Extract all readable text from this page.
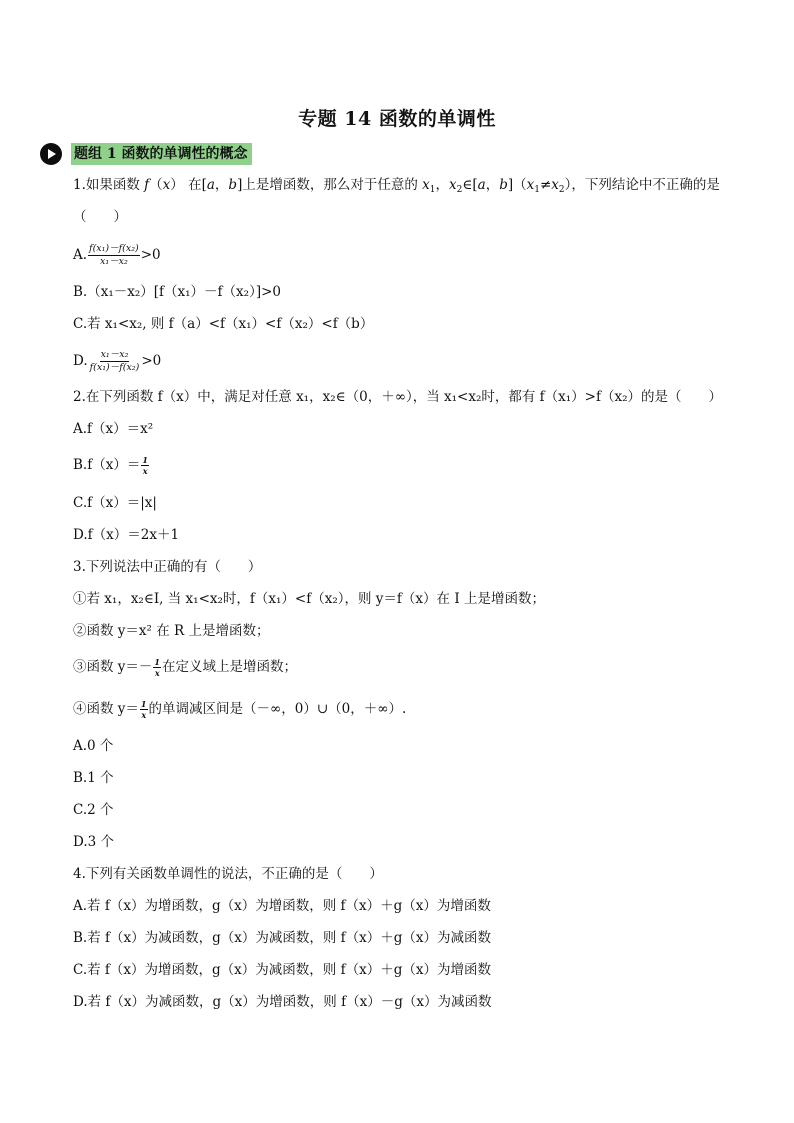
专题 14 函数的单调性
题组 1 函数的单调性的概念
1.如果函数 f（x） 在[a，b]上是增函数，那么对于任意的 $x_1$，$x_2\in[a$，$b](x_1\ne x_2)$，下列结论中不正确的是
（　　）
A. $\frac{\text{f(x₁)－f(x₂)}}{\text{x₁－x₂}} >0$
B.（x₁－x₂）[f（x₁）－f（x₂）]>0
C.若 x₁<x₂, 则 f（a）<f（x₁）<f（x₂）<f（b）
D. $\frac{\text{x₁－x₂}}{\text{f(x₁)－f(x₂)}} >0$
2.在下列函数 f（x）中，满足对任意 x₁，x₂∈（0，＋∞），当 x₁<x₂时，都有 f（x₁）>f（x₂）的是（　　）
A.f（x）＝x²
$B.f(x)= \frac{1}{x}$
C.f（x）＝|x|
D.f（x）＝2x＋1
3.下列说法中正确的有（　　）
①若 x₁，x₂∈I, 当 x₁<x₂时，f（x₁）<f（x₂），则 y＝f（x）在 I 上是增函数；
②函数 y＝x² 在 R 上是增函数；
③函数 $y=- \frac{1}{x}$ 在定义域上是增函数；
④函数 $y= \frac{1}{x}$ 的单调减区间是（－∞，0）∪（0，＋∞）.
A.0 个
B.1 个
C.2 个
D.3 个
4.下列有关函数单调性的说法，不正确的是（　　）
A.若 f（x）为增函数，g（x）为增函数，则 f（x）＋g（x）为增函数
B.若 f（x）为减函数，g（x）为减函数，则 f（x）＋g（x）为减函数
C.若 f（x）为增函数，g（x）为减函数，则 f（x）＋g（x）为增函数
D.若 f（x）为减函数，g（x）为增函数，则 f（x）－g（x）为减函数
